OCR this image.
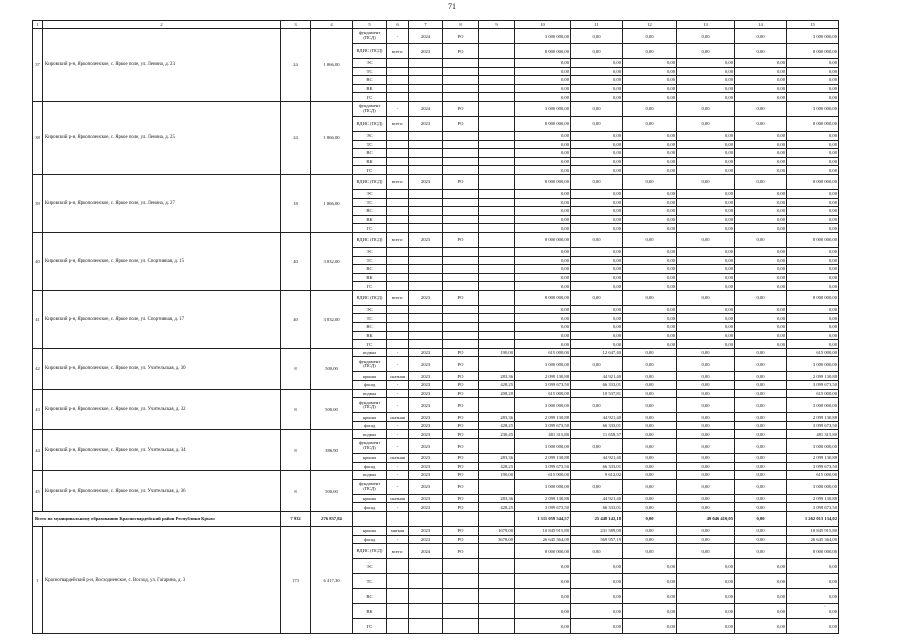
71
1	2	3	4	5	6	7	8	9	10	11	12	13	14	15
37	Кировский р-н, Яркополенское, с. Яркое поле, ул. Ленина, д. 23	24	1 866,00	фундамент (ПСД)	-	2024	РО		3 000 000,00	0,00	0,00	0,00	0,00	3 000 000,00
				ВДИС (ПСД)	всего:	2023	РО		8 000 000,00	0,00	0,00	0,00	0,00	8 000 000,00
				ЭС					0,00	0,00	0,00	0,00	0,00	0,00
				ТС					0,00	0,00	0,00	0,00	0,00	0,00
				ВС					0,00	0,00	0,00	0,00	0,00	0,00
				ВК					0,00	0,00	0,00	0,00	0,00	0,00
				ГС					0,00	0,00	0,00	0,00	0,00	0,00
38	Кировский р-н, Яркополенское, с. Яркое поле, ул. Ленина, д. 25	24	1 866,00	фундамент (ПСД)	-	2024	РО		3 000 000,00	0,00	0,00	0,00	0,00	3 000 000,00
				ВДИС (ПСД)	всего:	2023	РО		8 000 000,00	0,00	0,00	0,00	0,00	8 000 000,00
				ЭС					0,00	0,00	0,00	0,00	0,00	0,00
				ТС					0,00	0,00	0,00	0,00	0,00	0,00
				ВС					0,00	0,00	0,00	0,00	0,00	0,00
				ВК					0,00	0,00	0,00	0,00	0,00	0,00
				ГС					0,00	0,00	0,00	0,00	0,00	0,00
39	Кировский р-н, Яркополенское, с. Яркое поле, ул. Ленина, д. 27	18	1 866,00	ВДИС (ПСД)	всего:	2023	РО		8 000 000,00	0,00	0,00	0,00	0,00	8 000 000,00
				ЭС					0,00	0,00	0,00	0,00	0,00	0,00
				ТС					0,00	0,00	0,00	0,00	0,00	0,00
				ВС					0,00	0,00	0,00	0,00	0,00	0,00
				ВК					0,00	0,00	0,00	0,00	0,00	0,00
				ГС					0,00	0,00	0,00	0,00	0,00	0,00
40	Кировский р-н, Яркополенское, с. Яркое поле, ул. Спортивная, д. 15	40	3 832,00	ВДИС (ПСД)	всего:	2023	РО		8 000 000,00	0,00	0,00	0,00	0,00	8 000 000,00
				ЭС					0,00	0,00	0,00	0,00	0,00	0,00
				ТС					0,00	0,00	0,00	0,00	0,00	0,00
				ВС					0,00	0,00	0,00	0,00	0,00	0,00
				ВК					0,00	0,00	0,00	0,00	0,00	0,00
				ГС					0,00	0,00	0,00	0,00	0,00	0,00
41	Кировский р-н, Яркополенское, с. Яркое поле, ул. Спортивная, д. 17	40	3 832,00	ВДИС (ПСД)	всего:	2023	РО		8 000 000,00	0,00	0,00	0,00	0,00	8 000 000,00
				ЭС					0,00	0,00	0,00	0,00	0,00	0,00
				ТС					0,00	0,00	0,00	0,00	0,00	0,00
				ВС					0,00	0,00	0,00	0,00	0,00	0,00
				ВК					0,00	0,00	0,00	0,00	0,00	0,00
				ГС					0,00	0,00	0,00	0,00	0,00	0,00
42	Кировский р-н, Яркополенское, с. Яркое поле, ул. Учительская, д. 30	8	500,00	подвал	-	2023	РО	190,00	615 000,00	12 647,40	0,00	0,00	0,00	615 000,00
				фундамент (ПСД)	-	2023	РО		3 000 000,00	0,00	0,00	0,00	0,00	3 000 000,00
				крыша	скатная	2023	РО	283,36	2 099 130,88	44 921,40	0,00	0,00	0,00	2 099 130,88
				фасад	-	2023	РО	428,25	3 099 673,50	66 333,01	0,00	0,00	0,00	3 099 673,50
43	Кировский р-н, Яркополенское, с. Яркое поле, ул. Учительская, д. 32	8	500,00	подвал	-	2023	РО	208,20	615 000,00	10 537,81	0,00	0,00	0,00	615 000,00
				фундамент (ПСД)	-	2023	РО		3 000 000,00	0,00	0,00	0,00	0,00	3 000 000,00
				крыша	скатная	2023	РО	283,36	2 099 130,88	44 921,40	0,00	0,00	0,00	2 099 130,88
				фасад	-	2023	РО	428,25	3 099 673,50	66 333,01	0,00	0,00	0,00	3 099 673,50
44	Кировский р-н, Яркополенское, с. Яркое поле, ул. Учительская, д. 34	8	386,90	подвал	-	2023	РО	230,45	481 315,80	11 658,37	0,00	0,00	0,00	481 315,80
				фундамент (ПСД)	-	2023	РО		3 000 000,00	0,00	0,00	0,00	0,00	3 000 000,00
				крыша	скатная	2023	РО	283,36	2 099 130,88	44 921,40	0,00	0,00	0,00	2 099 130,88
				фасад	-	2023	РО	428,25	3 099 673,50	66 333,01	0,00	0,00	0,00	3 099 673,50
45	Кировский р-н, Яркополенское, с. Яркое поле, ул. Учительская, д. 36	8	500,00	подвал	-	2023	РО	190,00	615 000,00	9 612,02	0,00	0,00	0,00	615 000,00
				фундамент (ПСД)	-	2023	РО		3 000 000,00	0,00	0,00	0,00	0,00	3 000 000,00
				крыша	скатная	2023	РО	283,36	2 099 130,88	44 921,40	0,00	0,00	0,00	2 099 130,88
				фасад	-	2023	РО	428,25	3 099 673,50	66 333,01	0,00	0,00	0,00	3 099 673,50
Всего по муниципальному образованию Красногвардейский район Республики Крым:		7 932	276 837,84						1 311 059 544,57	25 448 142,18	0,00	49 046 410,05	0,00	1 262 013 134,02
1	Красногвардейский р-н, Восходненское, с. Восход, ул. Гагарина, д. 3	173	6 417,30	крыша	мягкая	2023	РО	1679,00	10 845 915,80	231 589,00	0,00	0,00	0,00	10 845 915,80
				фасад	-	2023	РО	3678,00	26 645 364,00	569 957,19	0,00	0,00	0,00	26 645 364,00
				ВДИС (ПСД)	всего:	2024	РО		8 000 000,00	0,00	0,00	0,00	0,00	8 000 000,00
				ЭС					0,00	0,00	0,00	0,00	0,00	0,00
				ТС					0,00	0,00	0,00	0,00	0,00	0,00
				ВС					0,00	0,00	0,00	0,00	0,00	0,00
				ВК					0,00	0,00	0,00	0,00	0,00	0,00
				ГС					0,00	0,00	0,00	0,00	0,00	0,00
·
